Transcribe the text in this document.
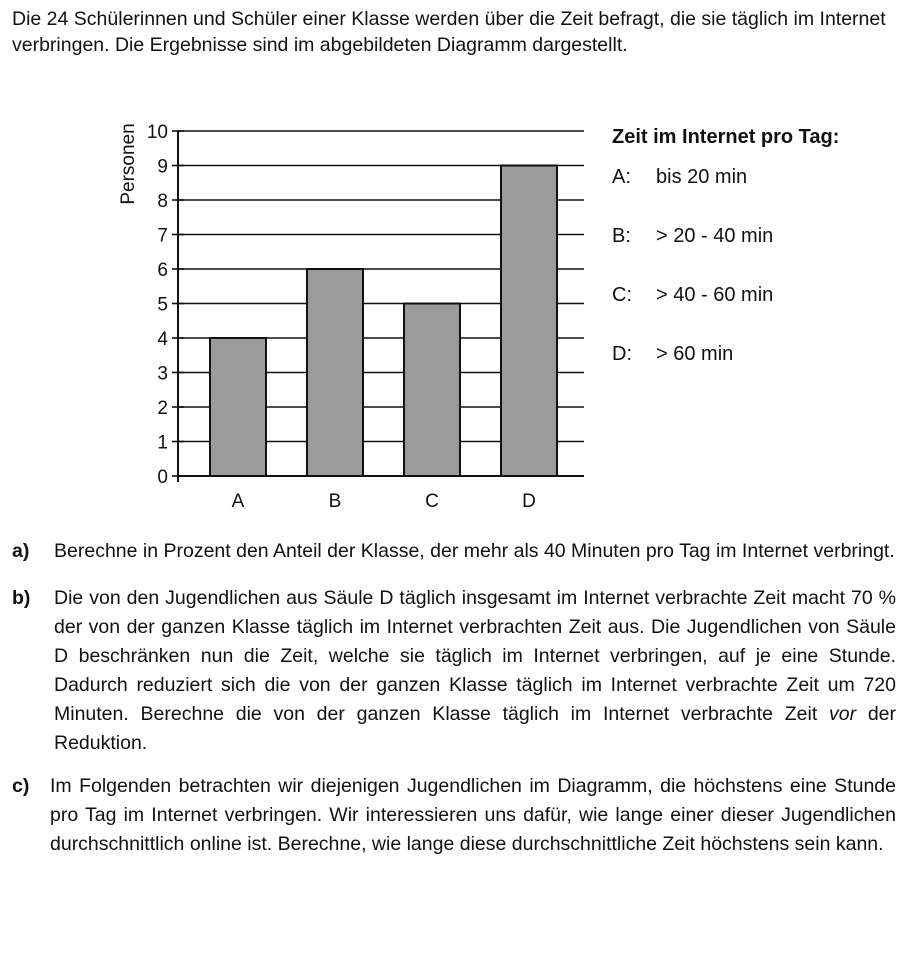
Die 24 Schülerinnen und Schüler einer Klasse werden über die Zeit befragt, die sie täglich im Internet verbringen. Die Ergebnisse sind im abgebildeten Diagramm dargestellt.

0
1
2
3
4
5
6
7
8
9
10
A	B	C	D
Personen	Zeit im Internet pro Tag:
A:	bis 20 min
B:	> 20 - 40 min
C:	> 40 - 60 min
D:	> 60 min
a)	Berechne in Prozent den Anteil der Klasse, der mehr als 40 Minuten pro Tag im Internet verbringt.
b)	Die von den Jugendlichen aus Säule D täglich insgesamt im Internet verbrachte Zeit macht 70 % der von der ganzen Klasse täglich im Internet verbrachten Zeit aus. Die Jugendlichen von Säule D beschränken nun die Zeit, welche sie täglich im Internet verbringen, auf je eine Stunde. Dadurch reduziert sich die von der ganzen Klasse täglich im Internet verbrachte Zeit um 720 Minuten. Berechne die von der ganzen Klasse täglich im Internet verbrachte Zeit vor der Reduktion.
c)	Im Folgenden betrachten wir diejenigen Jugendlichen im Diagramm, die höchstens eine Stunde pro Tag im Internet verbringen. Wir interessieren uns dafür, wie lange einer dieser Jugendlichen durchschnittlich online ist. Berechne, wie lange diese durchschnittliche Zeit höchstens sein kann.
